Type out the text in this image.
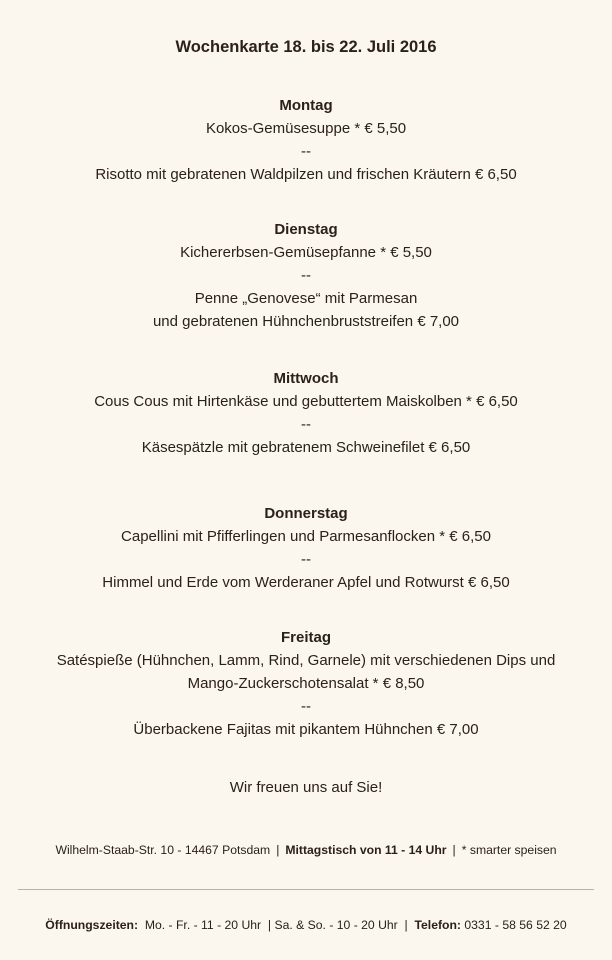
Wochenkarte 18. bis 22. Juli 2016
Montag
Kokos-Gemüsesuppe * € 5,50
--
Risotto mit gebratenen Waldpilzen und frischen Kräutern € 6,50
Dienstag
Kichererbsen-Gemüsepfanne * € 5,50
--
Penne „Genovese“ mit Parmesan
und gebratenen Hühnchenbruststreifen € 7,00
Mittwoch
Cous Cous mit Hirtenkäse und gebuttertem Maiskolben * € 6,50
--
Käsespätzle mit gebratenem Schweinefilet € 6,50
Donnerstag
Capellini mit Pfifferlingen und Parmesanflocken * € 6,50
--
Himmel und Erde vom Werderaner Apfel und Rotwurst € 6,50
Freitag
Satéspieße (Hühnchen, Lamm, Rind, Garnele) mit verschiedenen Dips und
Mango-Zuckerschotensalat * € 8,50
--
Überbackene Fajitas mit pikantem Hühnchen € 7,00
Wir freuen uns auf Sie!
Wilhelm-Staab-Str. 10 - 14467 Potsdam | Mittagstisch von 11 - 14 Uhr | * smarter speisen
Öffnungszeiten: Mo. - Fr. - 11 - 20 Uhr | Sa. & So. - 10 - 20 Uhr | Telefon: 0331 - 58 56 52 20
